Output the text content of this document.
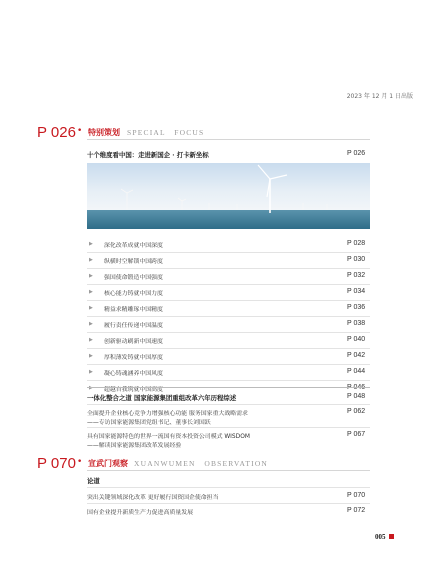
2023 年 12 月 1 日出版
P 026 • 特别策划 SPECIAL　FOCUS
十个维度看中国：走进新国企 · 打卡新坐标	P 026
▶ 深化改革成就中国深度	P 028
▶ 纵横时空解锁中国跨度	P 030
▶ 强国使命锻造中国强度	P 032
▶ 核心能力铸就中国力度	P 034
▶ 精益求精雕琢中国精度	P 036
▶ 履行责任传递中国温度	P 038
▶ 创新驱动刷新中国速度	P 040
▶ 厚积薄发铸就中国厚度	P 042
▶ 凝心铸魂涵养中国风度	P 044
▶ 超越自我筑就中国高度	P 046
一体化整合之道 国家能源集团重组改革六年历程综述	P 048
全面提升企业核心竞争力增强核心功能 服务国家重大战略需求
——专访国家能源集团党组书记、董事长刘国跃
P 062
具有国家能源特色的世界一流国有资本投资公司模式 WISDOM
——解读国家能源集团改革发展经验
P 067
P 070 • 宣武门观察 XUANWUMEN　OBSERVATION
论道
突出关键领域深化改革 更好履行国资国企使命担当	P 070
国有企业提升新质生产力促进高质量发展	P 072
005
